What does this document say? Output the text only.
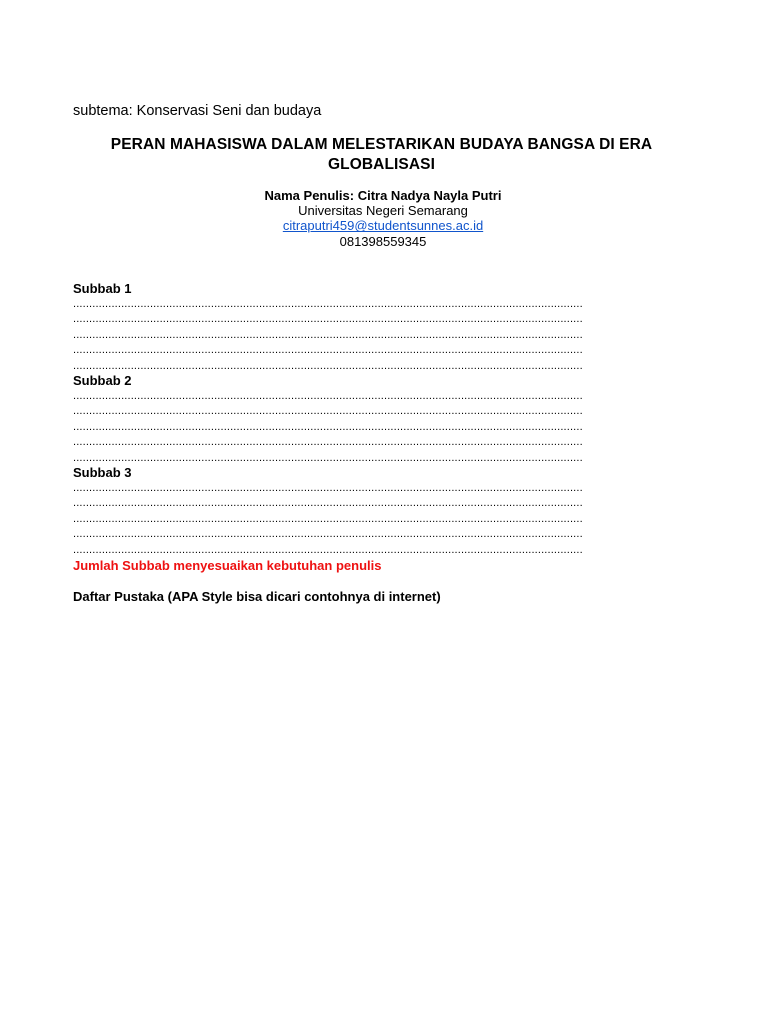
subtema: Konservasi Seni dan budaya
PERAN MAHASISWA DALAM MELESTARIKAN BUDAYA BANGSA DI ERA GLOBALISASI
Nama Penulis: Citra Nadya Nayla Putri
Universitas Negeri Semarang
citraputri459@studentsunnes.ac.id
081398559345
Subbab 1
...............................................................................................................................................................
...............................................................................................................................................................
...............................................................................................................................................................
...............................................................................................................................................................
...............................................................................................................................................................
Subbab 2
...............................................................................................................................................................
...............................................................................................................................................................
...............................................................................................................................................................
...............................................................................................................................................................
...............................................................................................................................................................
Subbab 3
...............................................................................................................................................................
...............................................................................................................................................................
...............................................................................................................................................................
...............................................................................................................................................................
...............................................................................................................................................................
Jumlah Subbab menyesuaikan kebutuhan penulis
Daftar Pustaka (APA Style bisa dicari contohnya di internet)
